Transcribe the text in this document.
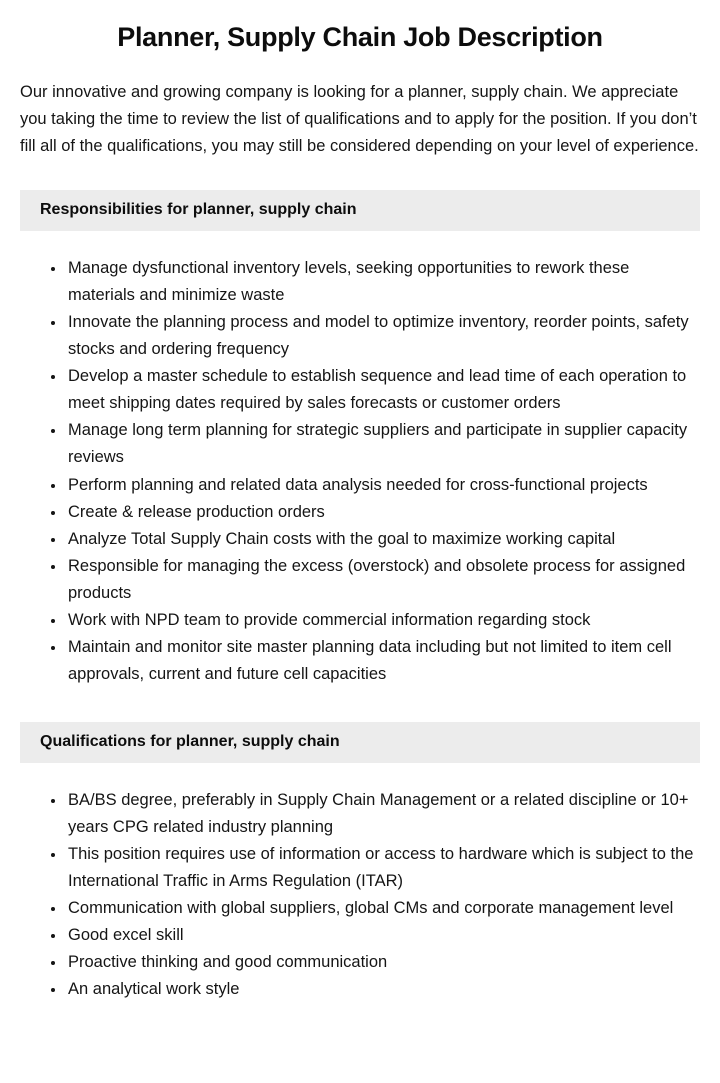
Planner, Supply Chain Job Description

Our innovative and growing company is looking for a planner, supply chain. We appreciate you taking the time to review the list of qualifications and to apply for the position. If you don’t fill all of the qualifications, you may still be considered depending on your level of experience.

Responsibilities for planner, supply chain
• Manage dysfunctional inventory levels, seeking opportunities to rework these materials and minimize waste
• Innovate the planning process and model to optimize inventory, reorder points, safety stocks and ordering frequency
• Develop a master schedule to establish sequence and lead time of each operation to meet shipping dates required by sales forecasts or customer orders
• Manage long term planning for strategic suppliers and participate in supplier capacity reviews
• Perform planning and related data analysis needed for cross-functional projects
• Create & release production orders
• Analyze Total Supply Chain costs with the goal to maximize working capital
• Responsible for managing the excess (overstock) and obsolete process for assigned products
• Work with NPD team to provide commercial information regarding stock
• Maintain and monitor site master planning data including but not limited to item cell approvals, current and future cell capacities
Qualifications for planner, supply chain
• BA/BS degree, preferably in Supply Chain Management or a related discipline or 10+ years CPG related industry planning
• This position requires use of information or access to hardware which is subject to the International Traffic in Arms Regulation (ITAR)
• Communication with global suppliers, global CMs and corporate management level
• Good excel skill
• Proactive thinking and good communication
• An analytical work style
